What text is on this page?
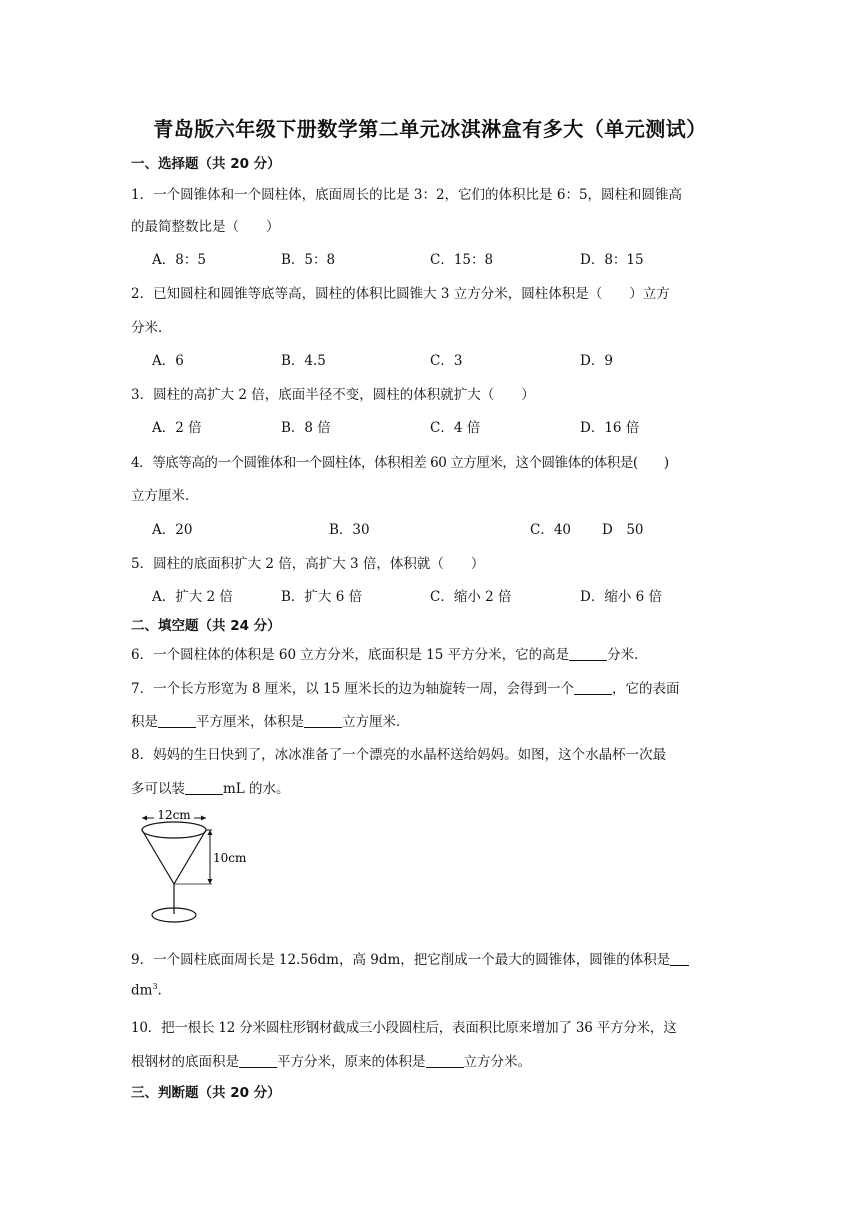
青岛版六年级下册数学第二单元冰淇淋盒有多大（单元测试）
一、选择题（共 20 分）
1．一个圆锥体和一个圆柱体，底面周长的比是 3：2，它们的体积比是 6：5，圆柱和圆锥高
的最简整数比是（　　）
A．8：5	B．5：8	C．15：8	D．8：15
2．已知圆柱和圆锥等底等高，圆柱的体积比圆锥大 3 立方分米，圆柱体积是（　　）立方
分米．
A．6	B．4.5	C．3	D．9
3．圆柱的高扩大 2 倍，底面半径不变，圆柱的体积就扩大（　　）
A．2 倍	B．8 倍	C．4 倍	D．16 倍
4．等底等高的一个圆锥体和一个圆柱体，体积相差 60 立方厘米，这个圆锥体的体积是(　　)
立方厘米．
A．20	B．30	C．40 D　50
5．圆柱的底面积扩大 2 倍，高扩大 3 倍，体积就（　　）
A．扩大 2 倍	B．扩大 6 倍	C．缩小 2 倍	D．缩小 6 倍
二、填空题（共 24 分）
6．一个圆柱体的体积是 60 立方分米，底面积是 15 平方分米，它的高是	分米．
7．一个长方形宽为 8 厘米，以 15 厘米长的边为轴旋转一周，会得到一个	，它的表面
积是	平方厘米，体积是	立方厘米．
8．妈妈的生日快到了，冰冰准备了一个漂亮的水晶杯送给妈妈。如图，这个水晶杯一次最
多可以装	mL 的水。
12cm
10cm
9．一个圆柱底面周长是 12.56dm，高 9dm，把它削成一个最大的圆锥体，圆锥的体积是
$dm^3$.
10．把一根长 12 分米圆柱形钢材截成三小段圆柱后，表面积比原来增加了 36 平方分米，这
根钢材的底面积是	平方分米，原来的体积是	立方分米。
三、判断题（共 20 分）
